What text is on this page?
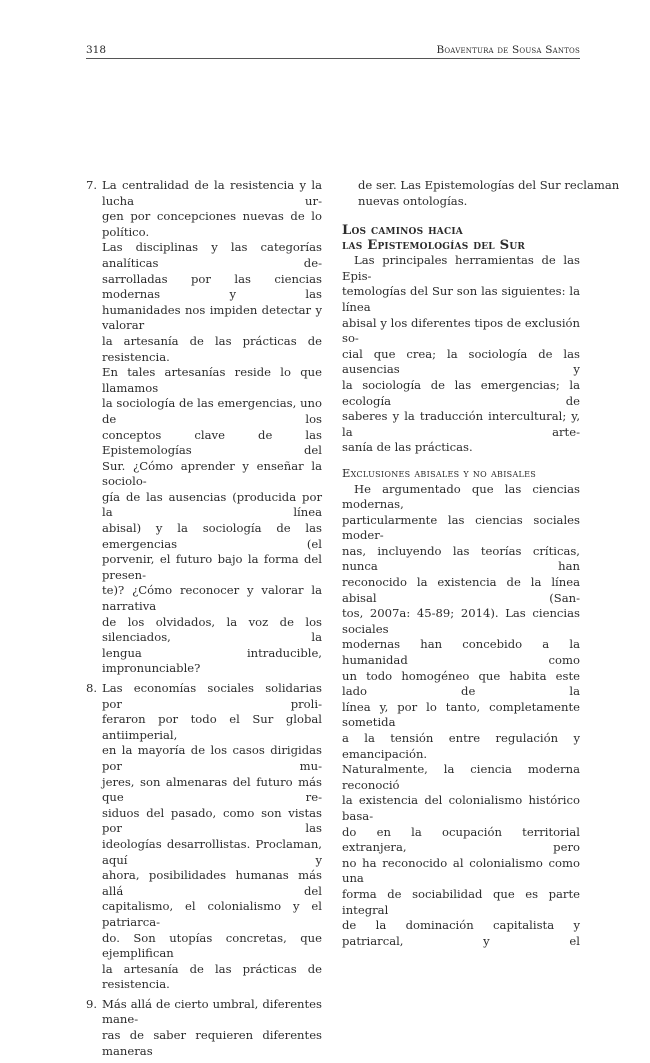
318	Boaventura de Sousa Santos
7. La centralidad de la resistencia y la lucha ur-
gen por concepciones nuevas de lo político.
Las disciplinas y las categorías analíticas de-
sarrolladas por las ciencias modernas y las
humanidades nos impiden detectar y valorar
la artesanía de las prácticas de resistencia.
En tales artesanías reside lo que llamamos
la sociología de las emergencias, uno de los
conceptos clave de las Epistemologías del
Sur. ¿Cómo aprender y enseñar la sociolo-
gía de las ausencias (producida por la línea
abisal) y la sociología de las emergencias (el
porvenir, el futuro bajo la forma del presen-
te)? ¿Cómo reconocer y valorar la narrativa
de los olvidados, la voz de los silenciados, la
lengua intraducible, impronunciable?
8. Las economías sociales solidarias por proli-
feraron por todo el Sur global antiimperial,
en la mayoría de los casos dirigidas por mu-
jeres, son almenaras del futuro más que re-
siduos del pasado, como son vistas por las
ideologías desarrollistas. Proclaman, aquí y
ahora, posibilidades humanas más allá del
capitalismo, el colonialismo y el patriarca-
do. Son utopías concretas, que ejemplifican
la artesanía de las prácticas de resistencia.
9. Más allá de cierto umbral, diferentes mane-
ras de saber requieren diferentes maneras
de ser. Las Epistemologías del Sur reclaman
nuevas ontologías.
Los caminos hacia
las Epistemologías del Sur
Las principales herramientas de las Epis-
temologías del Sur son las siguientes: la línea
abisal y los diferentes tipos de exclusión so-
cial que crea; la sociología de las ausencias y
la sociología de las emergencias; la ecología de
saberes y la traducción intercultural; y, la arte-
sanía de las prácticas.
Exclusiones abisales y no abisales
He argumentado que las ciencias modernas,
particularmente las ciencias sociales moder-
nas, incluyendo las teorías críticas, nunca han
reconocido la existencia de la línea abisal (San-
tos, 2007a: 45-89; 2014). Las ciencias sociales
modernas han concebido a la humanidad como
un todo homogéneo que habita este lado de la
línea y, por lo tanto, completamente sometida
a la tensión entre regulación y emancipación.
Naturalmente, la ciencia moderna reconoció
la existencia del colonialismo histórico basa-
do en la ocupación territorial extranjera, pero
no ha reconocido al colonialismo como una
forma de sociabilidad que es parte integral
de la dominación capitalista y patriarcal, y el
